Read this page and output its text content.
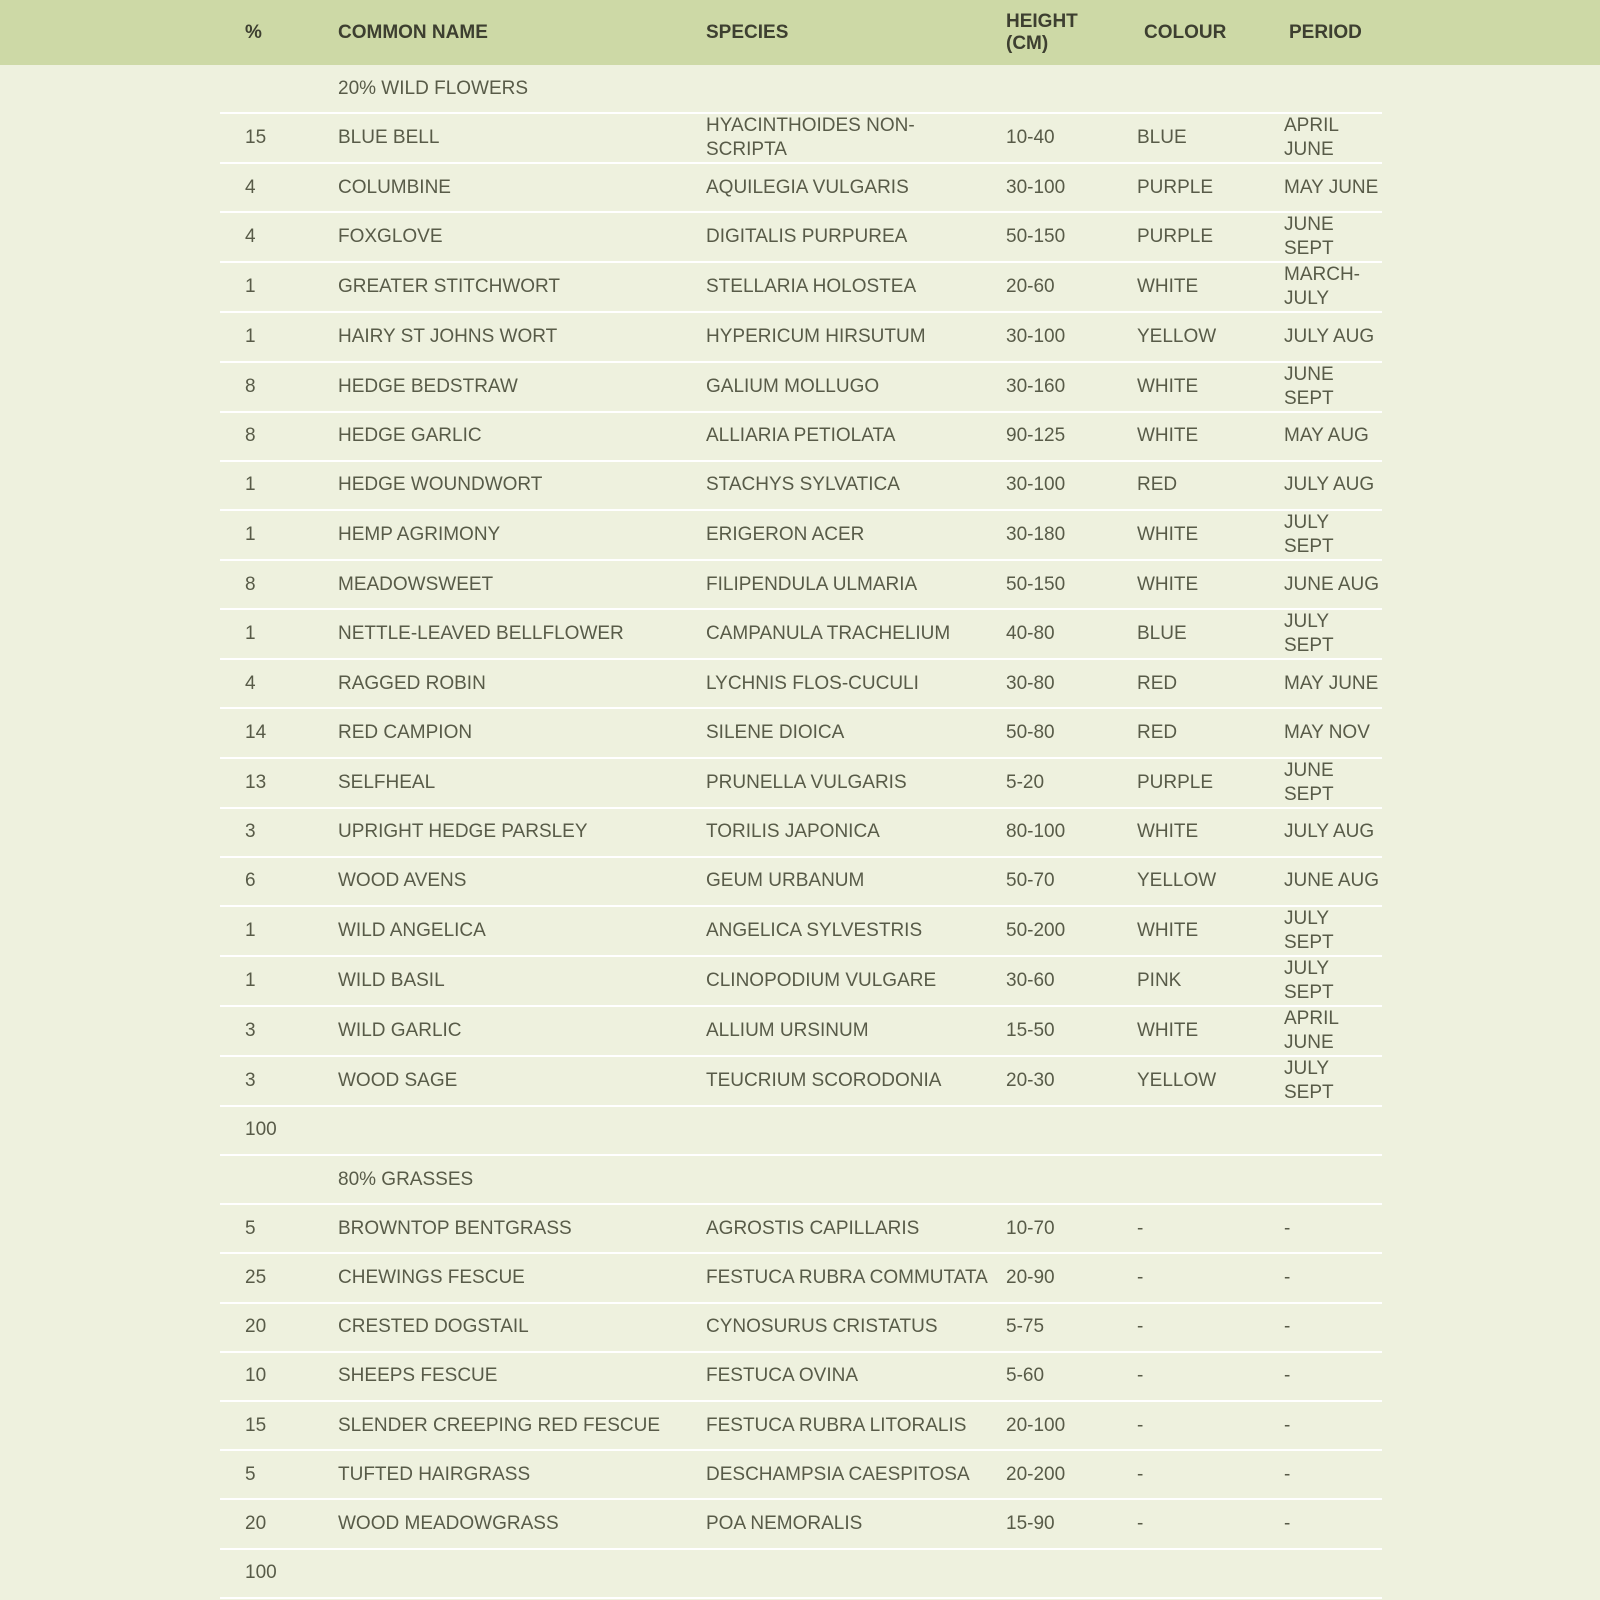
%	COMMON NAME	SPECIES	HEIGHT (CM)	COLOUR	PERIOD
	20% WILD FLOWERS				
15	BLUE BELL	HYACINTHOIDES NON-SCRIPTA	10-40	BLUE	APRIL JUNE
4	COLUMBINE	AQUILEGIA VULGARIS	30-100	PURPLE	MAY JUNE
4	FOXGLOVE	DIGITALIS PURPUREA	50-150	PURPLE	JUNE SEPT
1	GREATER STITCHWORT	STELLARIA HOLOSTEA	20-60	WHITE	MARCH-JULY
1	HAIRY ST JOHNS WORT	HYPERICUM HIRSUTUM	30-100	YELLOW	JULY AUG
8	HEDGE BEDSTRAW	GALIUM MOLLUGO	30-160	WHITE	JUNE SEPT
8	HEDGE GARLIC	ALLIARIA PETIOLATA	90-125	WHITE	MAY AUG
1	HEDGE WOUNDWORT	STACHYS SYLVATICA	30-100	RED	JULY AUG
1	HEMP AGRIMONY	ERIGERON ACER	30-180	WHITE	JULY SEPT
8	MEADOWSWEET	FILIPENDULA ULMARIA	50-150	WHITE	JUNE AUG
1	NETTLE-LEAVED BELLFLOWER	CAMPANULA TRACHELIUM	40-80	BLUE	JULY SEPT
4	RAGGED ROBIN	LYCHNIS FLOS-CUCULI	30-80	RED	MAY JUNE
14	RED CAMPION	SILENE DIOICA	50-80	RED	MAY NOV
13	SELFHEAL	PRUNELLA VULGARIS	5-20	PURPLE	JUNE SEPT
3	UPRIGHT HEDGE PARSLEY	TORILIS JAPONICA	80-100	WHITE	JULY AUG
6	WOOD AVENS	GEUM URBANUM	50-70	YELLOW	JUNE AUG
1	WILD ANGELICA	ANGELICA SYLVESTRIS	50-200	WHITE	JULY SEPT
1	WILD BASIL	CLINOPODIUM VULGARE	30-60	PINK	JULY SEPT
3	WILD GARLIC	ALLIUM URSINUM	15-50	WHITE	APRIL JUNE
3	WOOD SAGE	TEUCRIUM SCORODONIA	20-30	YELLOW	JULY SEPT
100					
	80% GRASSES				
5	BROWNTOP BENTGRASS	AGROSTIS CAPILLARIS	10-70	-	-
25	CHEWINGS FESCUE	FESTUCA RUBRA COMMUTATA	20-90	-	-
20	CRESTED DOGSTAIL	CYNOSURUS CRISTATUS	5-75	-	-
10	SHEEPS FESCUE	FESTUCA OVINA	5-60	-	-
15	SLENDER CREEPING RED FESCUE	FESTUCA RUBRA LITORALIS	20-100	-	-
5	TUFTED HAIRGRASS	DESCHAMPSIA CAESPITOSA	20-200	-	-
20	WOOD MEADOWGRASS	POA NEMORALIS	15-90	-	-
100					
